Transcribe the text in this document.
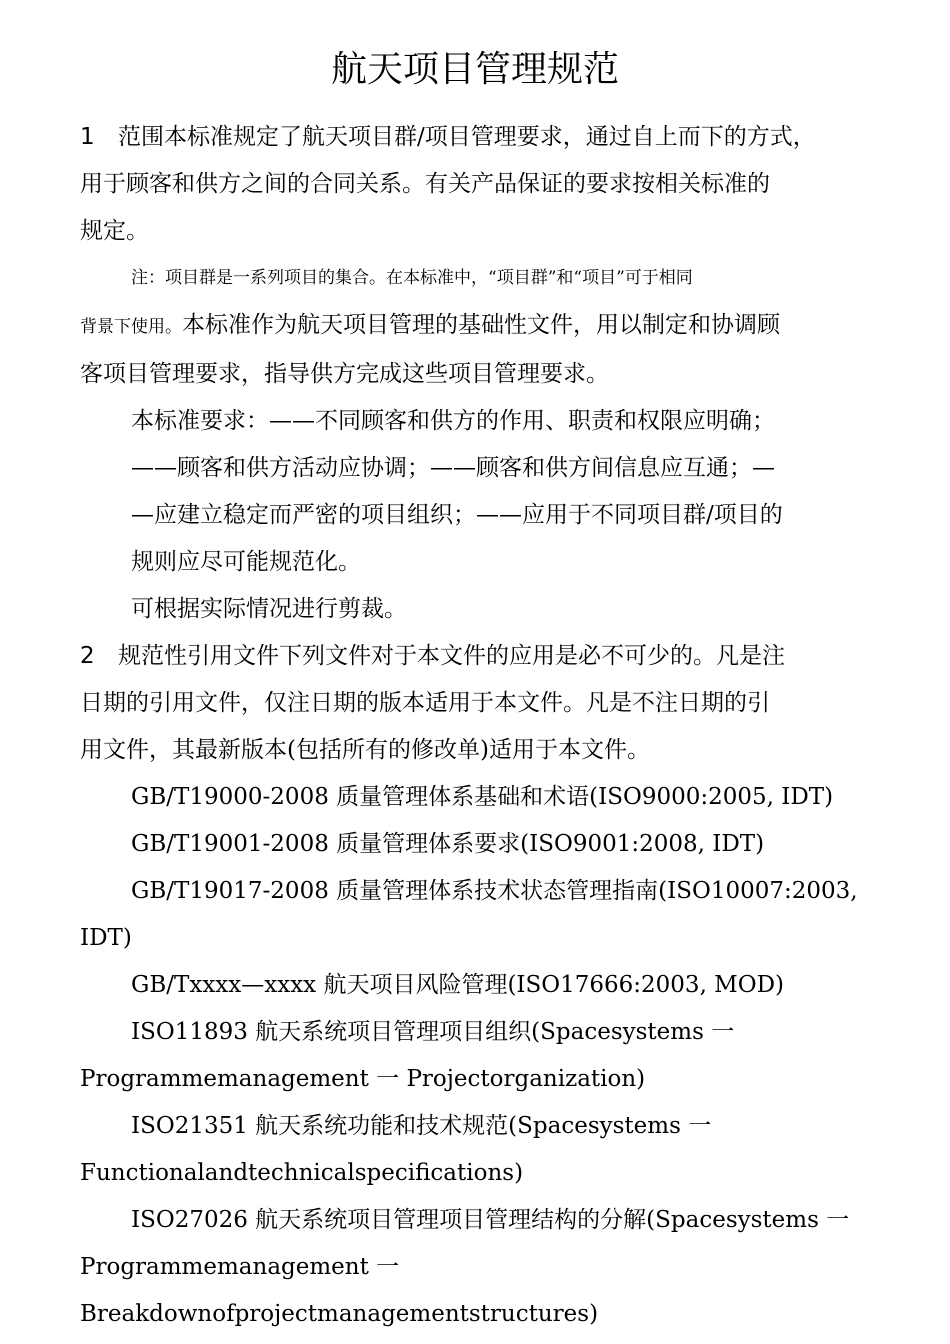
航天项目管理规范

1 范围本标准规定了航天项目群/项目管理要求，通过自上而下的方式，

用于顾客和供方之间的合同关系。有关产品保证的要求按相关标准的

规定。

注：项目群是一系列项目的集合。在本标准中，“项目群”和“项目”可于相同

背景下使用。本标准作为航天项目管理的基础性文件，用以制定和协调顾

客项目管理要求，指导供方完成这些项目管理要求。

本标准要求：——不同顾客和供方的作用、职责和权限应明确；

——顾客和供方活动应协调；——顾客和供方间信息应互通；—

—应建立稳定而严密的项目组织；——应用于不同项目群/项目的

规则应尽可能规范化。

可根据实际情况进行剪裁。

2 规范性引用文件下列文件对于本文件的应用是必不可少的。凡是注

日期的引用文件，仅注日期的版本适用于本文件。凡是不注日期的引

用文件，其最新版本(包括所有的修改单)适用于本文件。

GB/T19000-2008 质量管理体系基础和术语(ISO9000:2005, IDT)

GB/T19001-2008 质量管理体系要求(ISO9001:2008, IDT)

GB/T19017-2008 质量管理体系技术状态管理指南(ISO10007:2003,

IDT)

GB/Txxxx—xxxx 航天项目风险管理(ISO17666:2003, MOD)

ISO11893 航天系统项目管理项目组织(Spacesystems 一

Programmemanagement 一 Projectorganization)

ISO21351 航天系统功能和技术规范(Spacesystems 一

Functionalandtechnicalspecifications)

ISO27026 航天系统项目管理项目管理结构的分解(Spacesystems 一

Programmemanagement 一 Breakdownofprojectmanagementstructures)
